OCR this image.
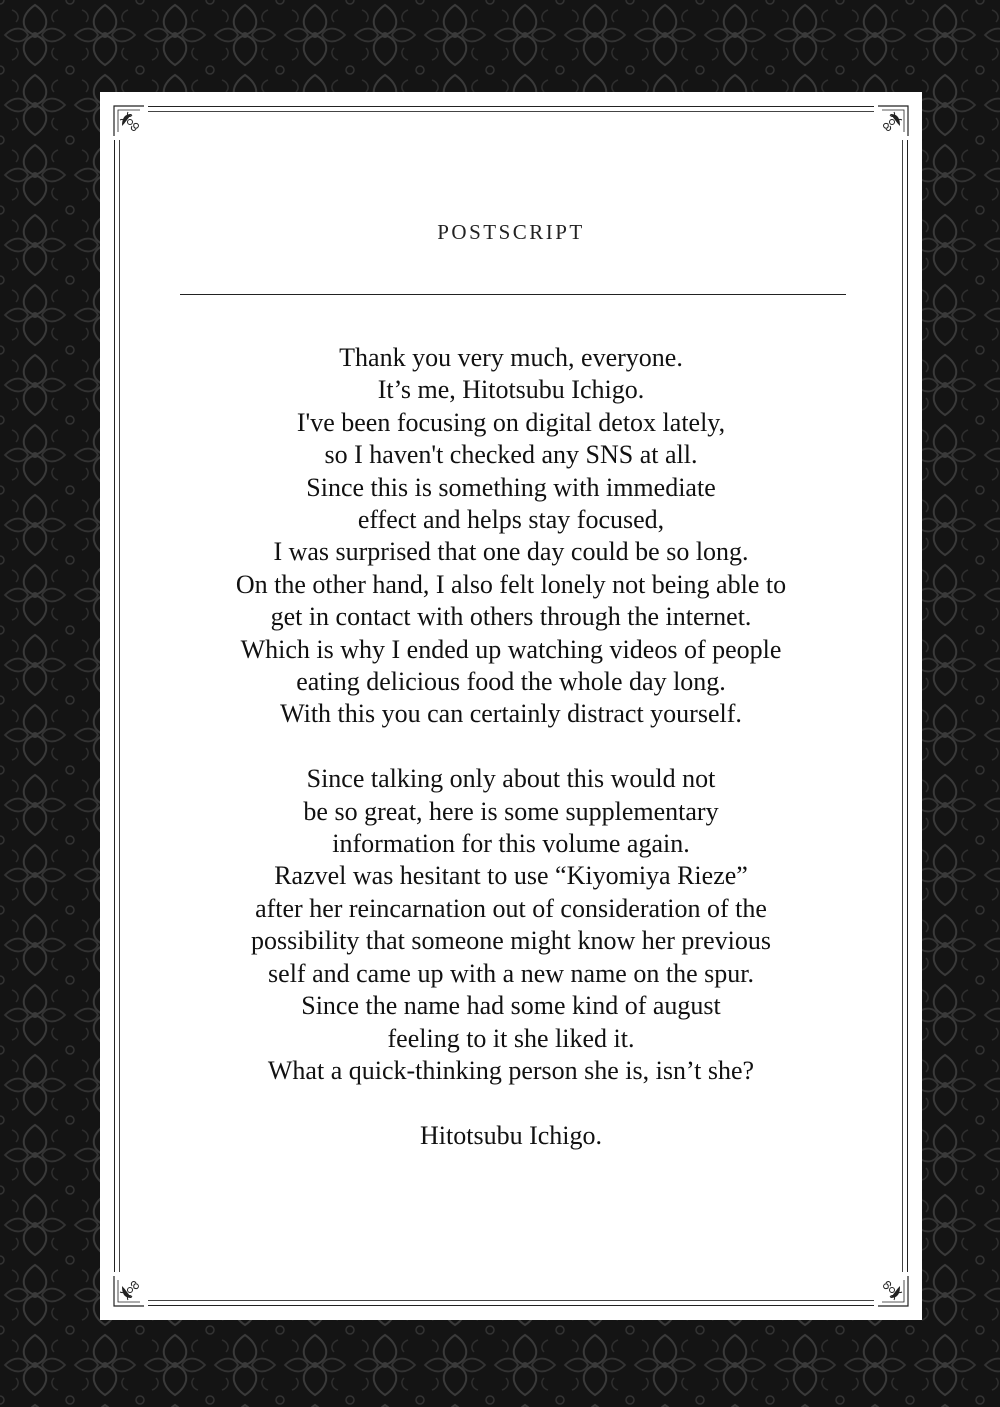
POSTSCRIPT
Thank you very much, everyone.
It’s me, Hitotsubu Ichigo.
I've been focusing on digital detox lately,
so I haven't checked any SNS at all.
Since this is something with immediate
effect and helps stay focused,
I was surprised that one day could be so long.
On the other hand, I also felt lonely not being able to
get in contact with others through the internet.
Which is why I ended up watching videos of people
eating delicious food the whole day long.
With this you can certainly distract yourself.
Since talking only about this would not
be so great, here is some supplementary
information for this volume again.
Razvel was hesitant to use “Kiyomiya Rieze”
after her reincarnation out of consideration of the
possibility that someone might know her previous
self and came up with a new name on the spur.
Since the name had some kind of august
feeling to it she liked it.
What a quick-thinking person she is, isn’t she?
Hitotsubu Ichigo.
